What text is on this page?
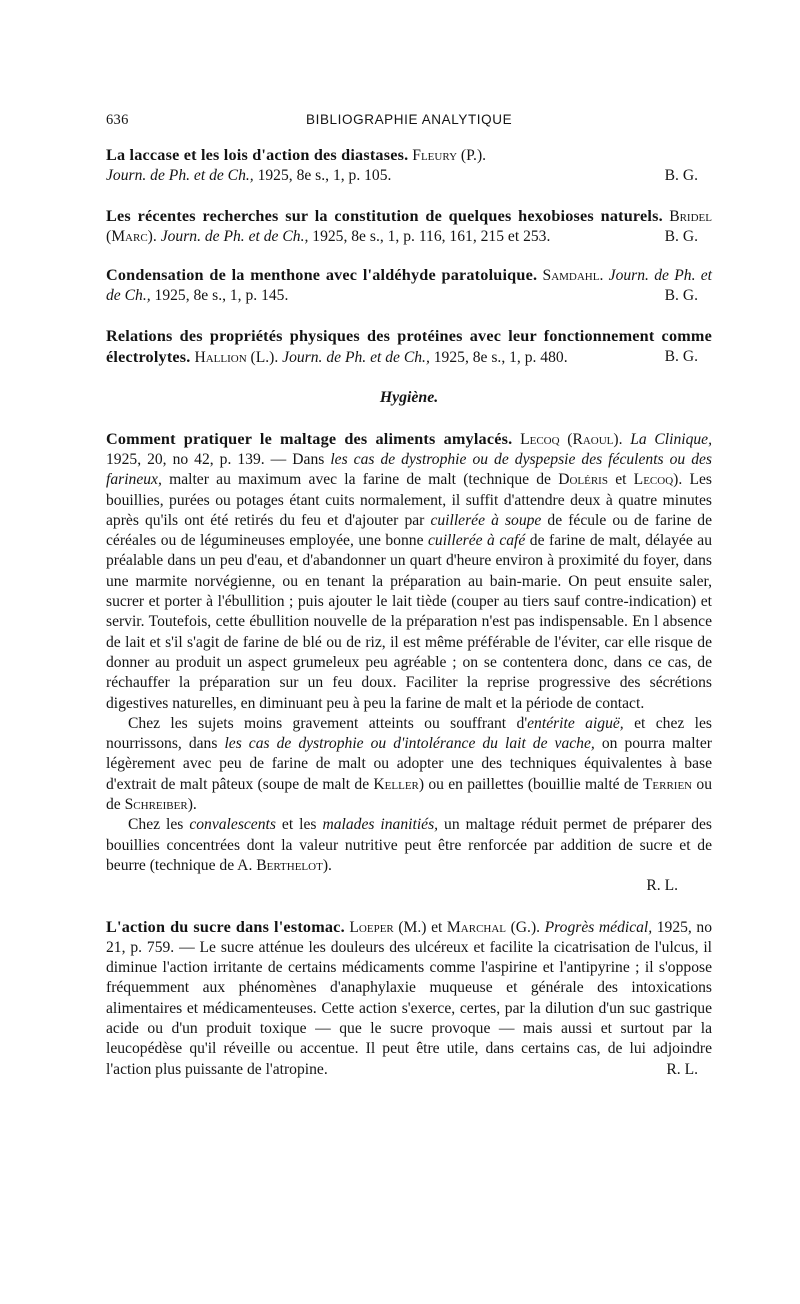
636	BIBLIOGRAPHIE ANALYTIQUE

La laccase et les lois d'action des diastases. Fleury (P.).
Journ. de Ph. et de Ch., 1925, 8e s., 1, p. 105.	B. G.

Les récentes recherches sur la constitution de quelques hexobioses naturels. Bridel (Marc). Journ. de Ph. et de Ch., 1925, 8e s., 1, p. 116, 161, 215 et 253.	B. G.

Condensation de la menthone avec l'aldéhyde paratoluique. Samdahl. Journ. de Ph. et de Ch., 1925, 8e s., 1, p. 145.	B. G.

Relations des propriétés physiques des protéines avec leur fonctionnement comme électrolytes. Hallion (L.). Journ. de Ph. et de Ch., 1925, 8e s., 1, p. 480.	B. G.

Hygiène.

Comment pratiquer le maltage des aliments amylacés. Lecoq (Raoul). La Clinique, 1925, 20, no 42, p. 139. — Dans les cas de dystrophie ou de dyspepsie des féculents ou des farineux, malter au maximum avec la farine de malt (technique de Doléris et Lecoq). Les bouillies, purées ou potages étant cuits normalement, il suffit d'attendre deux à quatre minutes après qu'ils ont été retirés du feu et d'ajouter par cuillerée à soupe de fécule ou de farine de céréales ou de légumineuses employée, une bonne cuillerée à café de farine de malt, délayée au préalable dans un peu d'eau, et d'abandonner un quart d'heure environ à proximité du foyer, dans une marmite norvégienne, ou en tenant la préparation au bain-marie. On peut ensuite saler, sucrer et porter à l'ébullition ; puis ajouter le lait tiède (couper au tiers sauf contre-indication) et servir. Toutefois, cette ébullition nouvelle de la préparation n'est pas indispensable. En l absence de lait et s'il s'agit de farine de blé ou de riz, il est même préférable de l'éviter, car elle risque de donner au produit un aspect grumeleux peu agréable ; on se contentera donc, dans ce cas, de réchauffer la préparation sur un feu doux. Faciliter la reprise progressive des sécrétions digestives naturelles, en diminuant peu à peu la farine de malt et la période de contact.

Chez les sujets moins gravement atteints ou souffrant d'entérite aiguë, et chez les nourrissons, dans les cas de dystrophie ou d'intolérance du lait de vache, on pourra malter légèrement avec peu de farine de malt ou adopter une des techniques équivalentes à base d'extrait de malt pâteux (soupe de malt de Keller) ou en paillettes (bouillie malté de Terrien ou de Schreiber).

Chez les convalescents et les malades inanitiés, un maltage réduit permet de préparer des bouillies concentrées dont la valeur nutritive peut être renforcée par addition de sucre et de beurre (technique de A. Berthelot).

R. L.

L'action du sucre dans l'estomac. Loeper (M.) et Marchal (G.). Progrès médical, 1925, no 21, p. 759. — Le sucre atténue les douleurs des ulcéreux et facilite la cicatrisation de l'ulcus, il diminue l'action irritante de certains médicaments comme l'aspirine et l'antipyrine ; il s'oppose fréquemment aux phénomènes d'anaphylaxie muqueuse et générale des intoxications alimentaires et médicamenteuses. Cette action s'exerce, certes, par la dilution d'un suc gastrique acide ou d'un produit toxique — que le sucre provoque — mais aussi et surtout par la leucopédèse qu'il réveille ou accentue. Il peut être utile, dans certains cas, de lui adjoindre l'action plus puissante de l'atropine.	R. L.
